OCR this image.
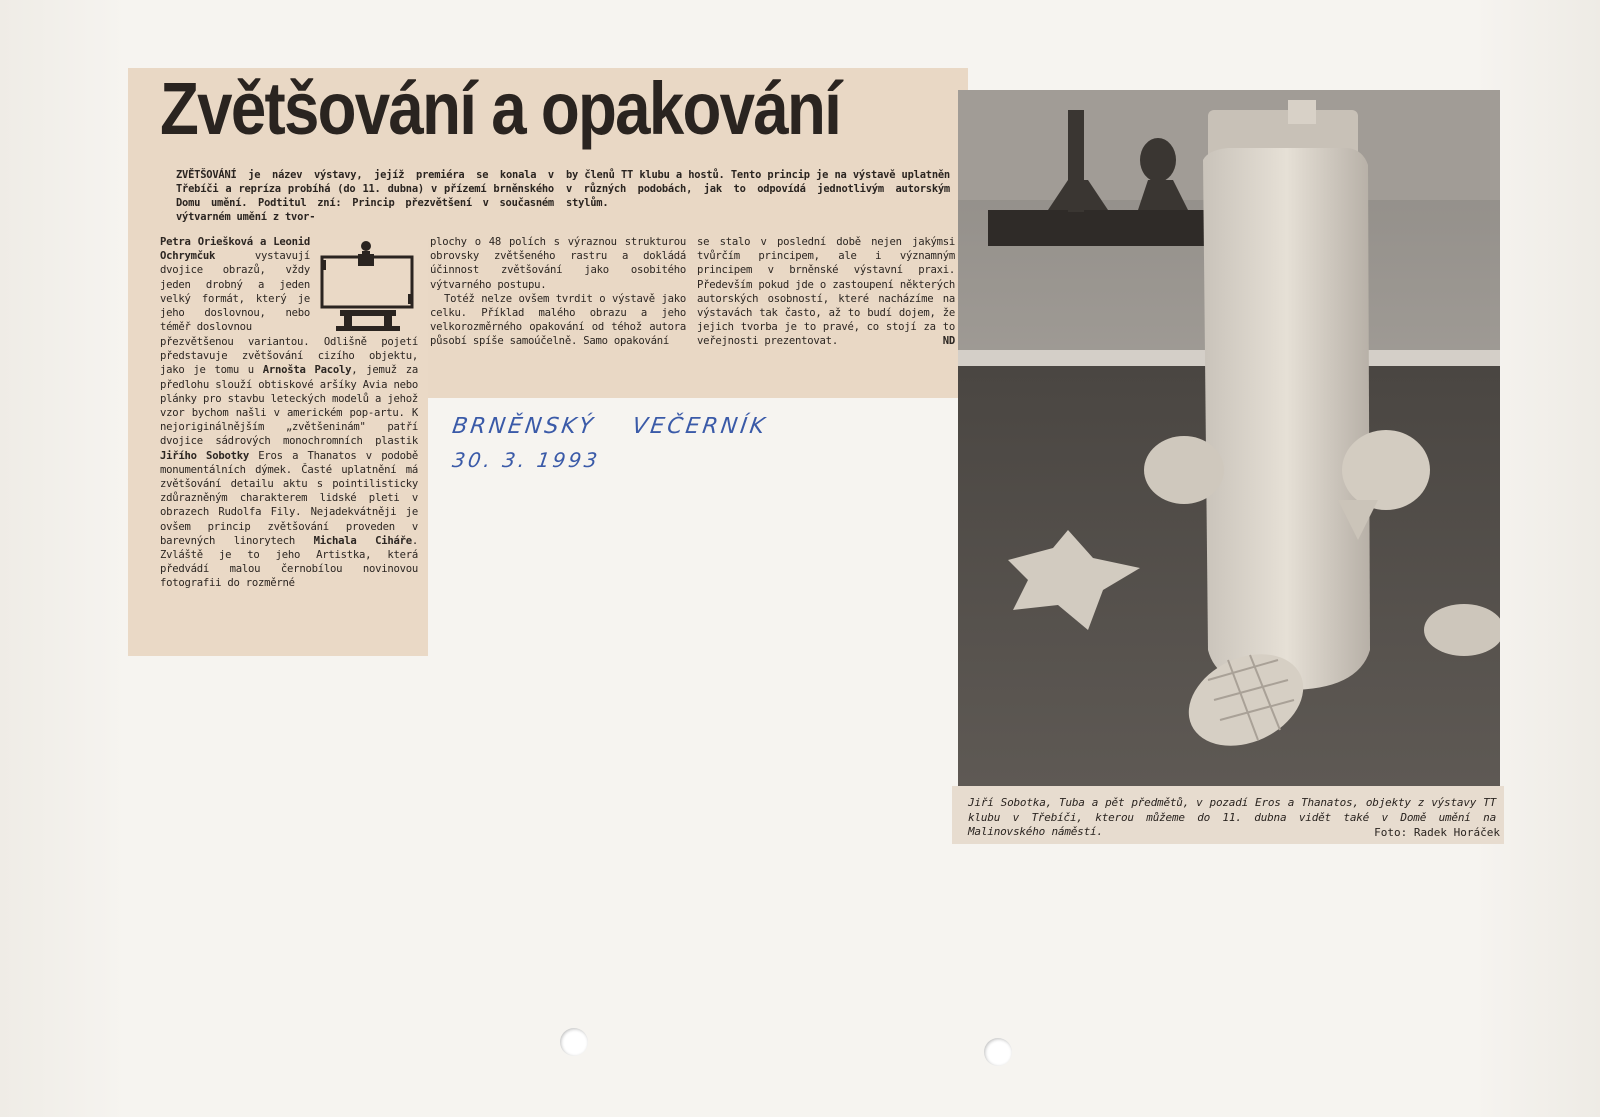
Zvětšování a opakování
ZVĚTŠOVÁNÍ je název výstavy, jejíž premiéra se konala v Třebíči a repríza probíhá (do 11. dubna) v přízemí brněnského Domu umění. Podtitul zní: Princip přezvětšení v současném výtvarném umění z tvor-
by členů TT klubu a hostů. Tento princip je na výstavě uplatněn v různých podobách, jak to odpovídá jednotlivým autorským stylům.

Petra Oriešková a Leonid Ochrymčuk	vystavují dvojice obrazů, vždy jeden drobný a jeden velký formát, který je jeho doslovnou, nebo téměř doslovnou

přezvětšenou variantou. Odlišně pojetí představuje zvětšování cizího objektu, jako je tomu u Arnošta Pacoly, jemuž za předlohu slouží obtiskové aršíky Avia nebo plánky pro stavbu leteckých modelů a jehož vzor bychom našli v americkém pop-artu. K nejoriginálnějším „zvětšeninám" patří dvojice sádrových monochromních plastik Jiřího Sobotky Eros a Thanatos v podobě monumentálních dýmek. Časté uplatnění má zvětšování detailu aktu s pointilisticky zdůrazněným charakterem lidské pleti v obrazech Rudolfa Fily. Nejadekvátněji je ovšem princip zvětšování proveden v barevných linorytech Michala Ciháře. Zvláště je to jeho Artistka, která předvádí malou černobílou novinovou fotografii do rozměrné

plochy o 48 polích s výraznou strukturou obrovsky zvětšeného rastru a dokládá účinnost zvětšování jako osobitého výtvarného postupu.

Totéž nelze ovšem tvrdit o výstavě jako celku. Příklad malého obrazu a jeho velkorozměrného opakování od téhož autora působí spíše samoúčelně. Samo opakování

se stalo v poslední době nejen jakýmsi tvůrčím principem, ale i významným principem v brněnské výstavní praxi. Především pokud jde o zastoupení některých autorských osobností, které nacházíme na výstavách tak často, až to budí dojem, že jejich tvorba je to pravé, co stojí za to veřejnosti prezentovat.	ND

Jiří Sobotka, Tuba a pět předmětů, v pozadí Eros a Thanatos, objekty z výstavy TT klubu v Třebíči, kterou můžeme do 11. dubna vidět také v Domě umění na Malinovského náměstí.	Foto: Radek Horáček
BRNĚNSKÝ	VEČERNÍK
30. 3. 1993
